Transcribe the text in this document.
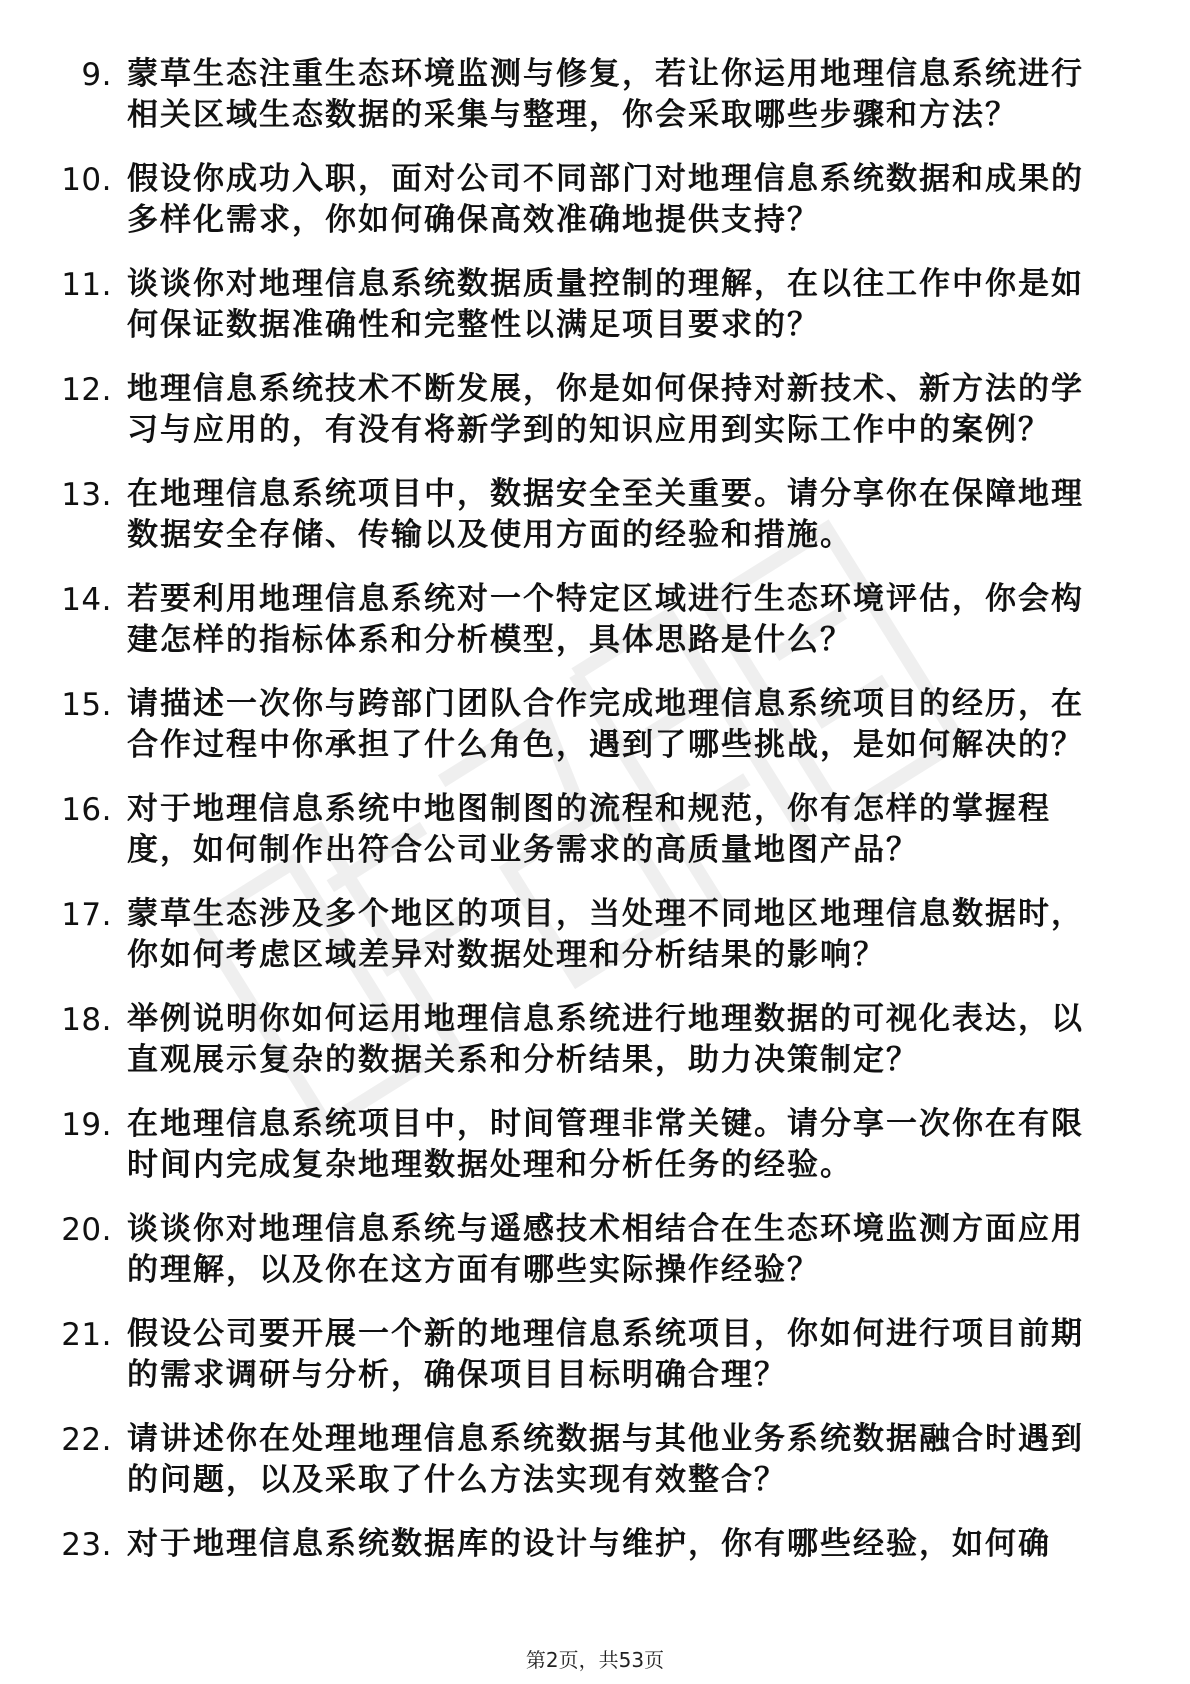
9. 蒙草生态注重生态环境监测与修复，若让你运用地理信息系统进行相关区域生态数据的采集与整理，你会采取哪些步骤和方法？
10. 假设你成功入职，面对公司不同部门对地理信息系统数据和成果的多样化需求，你如何确保高效准确地提供支持？
11. 谈谈你对地理信息系统数据质量控制的理解，在以往工作中你是如何保证数据准确性和完整性以满足项目要求的？
12. 地理信息系统技术不断发展，你是如何保持对新技术、新方法的学习与应用的，有没有将新学到的知识应用到实际工作中的案例？
13. 在地理信息系统项目中，数据安全至关重要。请分享你在保障地理数据安全存储、传输以及使用方面的经验和措施。
14. 若要利用地理信息系统对一个特定区域进行生态环境评估，你会构建怎样的指标体系和分析模型，具体思路是什么？
15. 请描述一次你与跨部门团队合作完成地理信息系统项目的经历，在合作过程中你承担了什么角色，遇到了哪些挑战，是如何解决的？
16. 对于地理信息系统中地图制图的流程和规范，你有怎样的掌握程度，如何制作出符合公司业务需求的高质量地图产品？
17. 蒙草生态涉及多个地区的项目，当处理不同地区地理信息数据时，你如何考虑区域差异对数据处理和分析结果的影响？
18. 举例说明你如何运用地理信息系统进行地理数据的可视化表达，以直观展示复杂的数据关系和分析结果，助力决策制定？
19. 在地理信息系统项目中，时间管理非常关键。请分享一次你在有限时间内完成复杂地理数据处理和分析任务的经验。
20. 谈谈你对地理信息系统与遥感技术相结合在生态环境监测方面应用的理解，以及你在这方面有哪些实际操作经验？
21. 假设公司要开展一个新的地理信息系统项目，你如何进行项目前期的需求调研与分析，确保项目目标明确合理？
22. 请讲述你在处理地理信息系统数据与其他业务系统数据融合时遇到的问题，以及采取了什么方法实现有效整合？
23. 对于地理信息系统数据库的设计与维护，你有哪些经验，如何确
第2页，共53页
